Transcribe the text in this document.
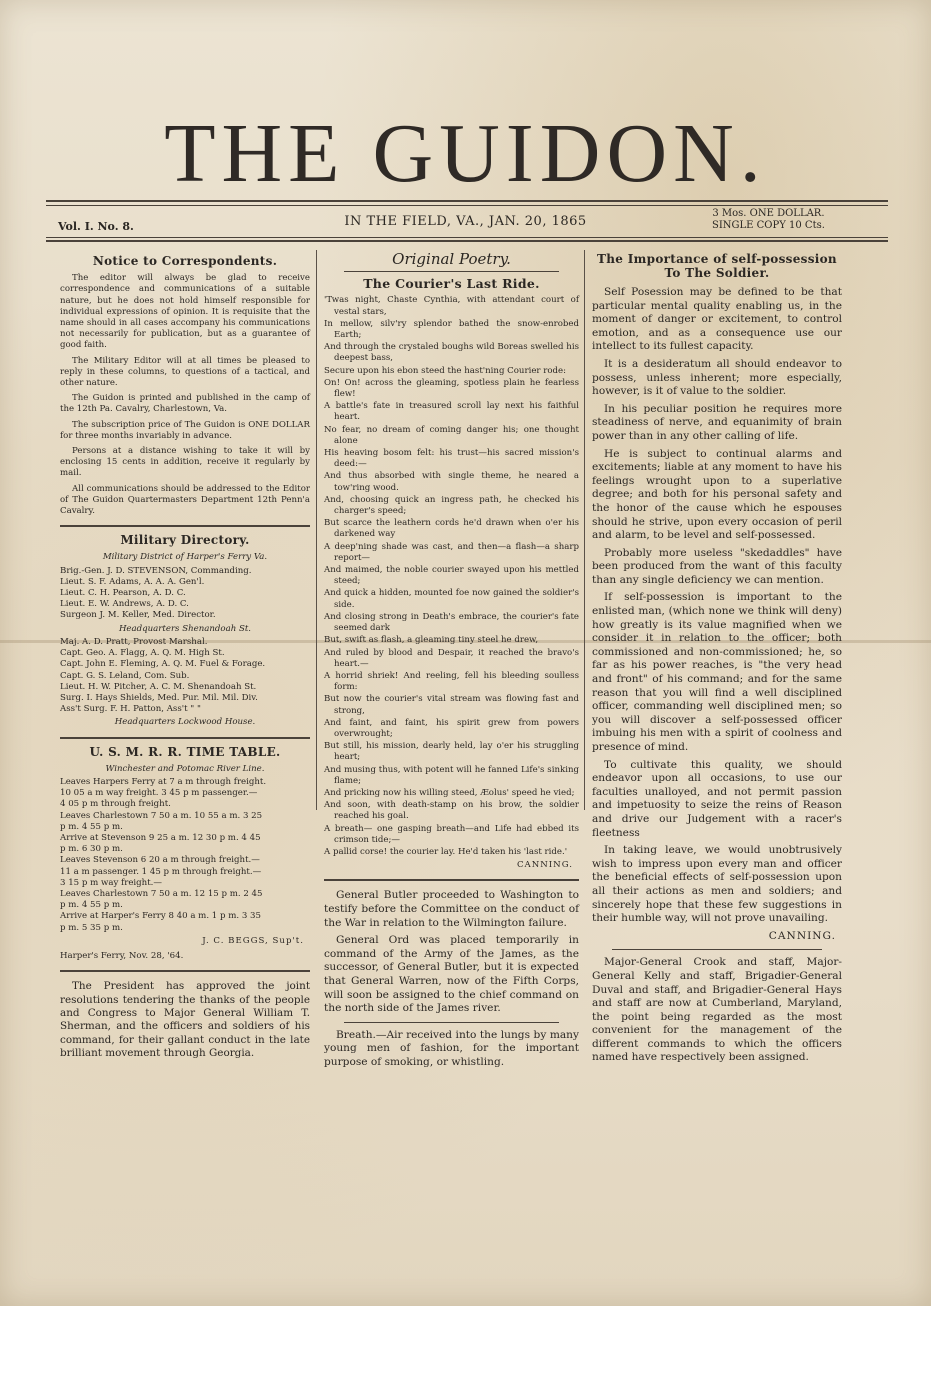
THE GUIDON.
Vol. I. No. 8.	IN THE FIELD, VA., JAN. 20, 1865
3 Mos. ONE DOLLAR.
SINGLE COPY 10 Cts.
Notice to Correspondents.

The editor will always be glad to receive correspondence and communications of a suitable nature, but he does not hold himself responsible for individual expressions of opinion. It is requisite that the name should in all cases accompany his communications not necessarily for publication, but as a guarantee of good faith.

The Military Editor will at all times be pleased to reply in these columns, to questions of a tactical, and other nature.

The Guidon is printed and published in the camp of the 12th Pa. Cavalry, Charlestown, Va.

The subscription price of The Guidon is ONE DOLLAR for three months invariably in advance.

Persons at a distance wishing to take it will by enclosing 15 cents in addition, receive it regularly by mail.

All communications should be addressed to the Editor of The Guidon Quartermasters Department 12th Penn'a Cavalry.

Military Directory.
Military District of Harper's Ferry Va.

Brig.-Gen. J. D. STEVENSON, Commanding.

Lieut. S. F. Adams, A. A. A. Gen'l.

Lieut. C. H. Pearson, A. D. C.

Lieut. E. W. Andrews, A. D. C.

Surgeon J. M. Keller, Med. Director.

Headquarters Shenandoah St.

Maj. A. D. Pratt, Provost Marshal.

Capt. Geo. A. Flagg, A. Q. M. High St.

Capt. John E. Fleming, A. Q. M. Fuel & Forage.

Capt. G. S. Leland, Com. Sub.

Lieut. H. W. Pitcher, A. C. M. Shenandoah St.

Surg. I. Hays Shields, Med. Pur. Mil. Mil. Div.

Ass't Surg. F. H. Patton, Ass't " "

Headquarters Lockwood House.
U. S. M. R. R. TIME TABLE.
Winchester and Potomac River Line.

Leaves Harpers Ferry at 7 a m through freight.

10 05 a m way freight. 3 45 p m passenger.—

4 05 p m through freight.

Leaves Charlestown 7 50 a m. 10 55 a m. 3 25

p m. 4 55 p m.

Arrive at Stevenson 9 25 a m. 12 30 p m. 4 45

p m. 6 30 p m.

Leaves Stevenson 6 20 a m through freight.—

11 a m passenger. 1 45 p m through freight.—

3 15 p m way freight.—

Leaves Charlestown 7 50 a m. 12 15 p m. 2 45

p m. 4 55 p m.

Arrive at Harper's Ferry 8 40 a m. 1 p m. 3 35

p m. 5 35 p m.

J. C. BEGGS, Sup't.

Harper's Ferry, Nov. 28, '64.

The President has approved the joint resolutions tendering the thanks of the people and Congress to Major General William T. Sherman, and the officers and soldiers of his command, for their gallant conduct in the late brilliant movement through Georgia.

Original Poetry.
The Courier's Last Ride.

'Twas night, Chaste Cynthia, with attendant court of vestal stars,

In mellow, silv'ry splendor bathed the snow-enrobed Earth;

And through the crystaled boughs wild Boreas swelled his deepest bass,

Secure upon his ebon steed the hast'ning Courier rode:

On! On! across the gleaming, spotless plain he fearless flew!

A battle's fate in treasured scroll lay next his faithful heart.

No fear, no dream of coming danger his; one thought alone

His heaving bosom felt: his trust—his sacred mission's deed:—

And thus absorbed with single theme, he neared a tow'ring wood.

And, choosing quick an ingress path, he checked his charger's speed;

But scarce the leathern cords he'd drawn when o'er his darkened way

A deep'ning shade was cast, and then—a flash—a sharp report—

And maimed, the noble courier swayed upon his mettled steed;

And quick a hidden, mounted foe now gained the soldier's side.

And closing strong in Death's embrace, the courier's fate seemed dark

But, swift as flash, a gleaming tiny steel he drew,

And ruled by blood and Despair, it reached the bravo's heart.—

A horrid shriek! And reeling, fell his bleeding soulless form:

But now the courier's vital stream was flowing fast and strong,

And faint, and faint, his spirit grew from powers overwrought;

But still, his mission, dearly held, lay o'er his struggling heart;

And musing thus, with potent will he fanned Life's sinking flame;

And pricking now his willing steed, Æolus' speed he vied;

And soon, with death-stamp on his brow, the soldier reached his goal.

A breath— one gasping breath—and Life had ebbed its crimson tide;—

A pallid corse! the courier lay. He'd taken his 'last ride.'

CANNING.

General Butler proceeded to Washington to testify before the Committee on the conduct of the War in relation to the Wilmington failure.

General Ord was placed temporarily in command of the Army of the James, as the successor, of General Butler, but it is expected that General Warren, now of the Fifth Corps, will soon be assigned to the chief command on the north side of the James river.

Breath.—Air received into the lungs by many young men of fashion, for the important purpose of smoking, or whistling.

The Importance of self-possession To The Soldier.

Self Posession may be defined to be that particular mental quality enabling us, in the moment of danger or excitement, to control emotion, and as a consequence use our intellect to its fullest capacity.

It is a desideratum all should endeavor to possess, unless inherent; more especially, however, is it of value to the soldier.

In his peculiar position he requires more steadiness of nerve, and equanimity of brain power than in any other calling of life.

He is subject to continual alarms and excitements; liable at any moment to have his feelings wrought upon to a superlative degree; and both for his personal safety and the honor of the cause which he espouses should he strive, upon every occasion of peril and alarm, to be level and self-possessed.

Probably more useless "skedaddles" have been produced from the want of this faculty than any single deficiency we can mention.

If self-possession is important to the enlisted man, (which none we think will deny) how greatly is its value magnified when we consider it in relation to the officer; both commissioned and non-commissioned; he, so far as his power reaches, is "the very head and front" of his command; and for the same reason that you will find a well disciplined officer, commanding well disciplined men; so you will discover a self-possessed officer imbuing his men with a spirit of coolness and presence of mind.

To cultivate this quality, we should endeavor upon all occasions, to use our faculties unalloyed, and not permit passion and impetuosity to seize the reins of Reason and drive our Judgement with a racer's fleetness

In taking leave, we would unobtrusively wish to impress upon every man and officer the beneficial effects of self-possession upon all their actions as men and soldiers; and sincerely hope that these few suggestions in their humble way, will not prove unavailing.

CANNING.

Major-General Crook and staff, Major-General Kelly and staff, Brigadier-General Duval and staff, and Brigadier-General Hays and staff are now at Cumberland, Maryland, the point being regarded as the most convenient for the management of the different commands to which the officers named have respectively been assigned.
